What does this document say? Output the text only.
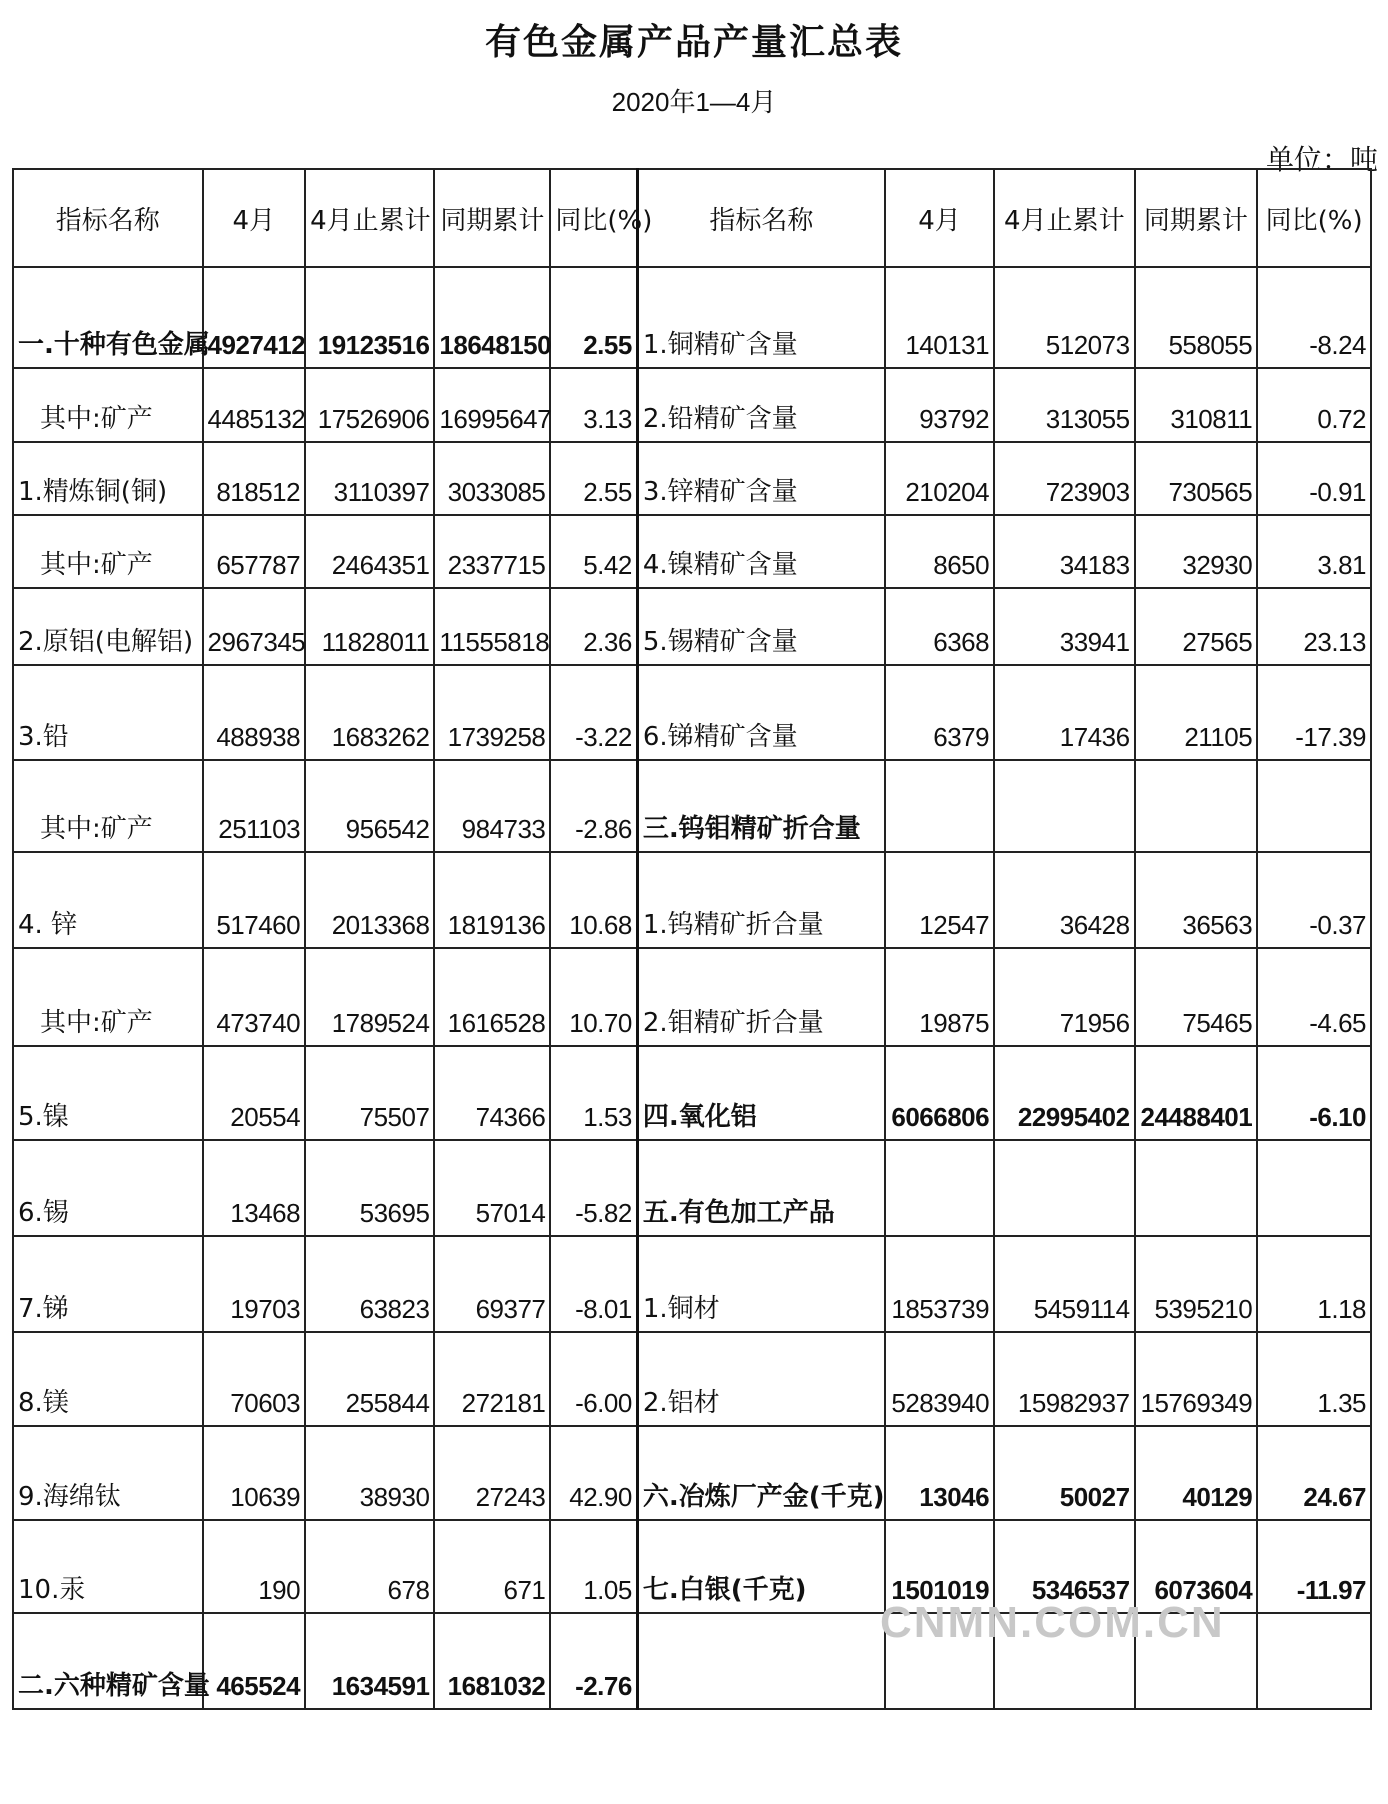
有色金属产品产量汇总表
2020年1—4月
单位：吨
指标名称	4月	4月止累计	同期累计	同比(%)	指标名称	4月	4月止累计	同期累计	同比(%)
一.十种有色金属	4927412	19123516	18648150	2.55	1.铜精矿含量	140131	512073	558055	-8.24
其中:矿产	4485132	17526906	16995647	3.13	2.铅精矿含量	93792	313055	310811	0.72
1.精炼铜(铜)	818512	3110397	3033085	2.55	3.锌精矿含量	210204	723903	730565	-0.91
其中:矿产	657787	2464351	2337715	5.42	4.镍精矿含量	8650	34183	32930	3.81
2.原铝(电解铝)	2967345	11828011	11555818	2.36	5.锡精矿含量	6368	33941	27565	23.13
3.铅	488938	1683262	1739258	-3.22	6.锑精矿含量	6379	17436	21105	-17.39
其中:矿产	251103	956542	984733	-2.86	三.钨钼精矿折合量				
4. 锌	517460	2013368	1819136	10.68	1.钨精矿折合量	12547	36428	36563	-0.37
其中:矿产	473740	1789524	1616528	10.70	2.钼精矿折合量	19875	71956	75465	-4.65
5.镍	20554	75507	74366	1.53	四.氧化铝	6066806	22995402	24488401	-6.10
6.锡	13468	53695	57014	-5.82	五.有色加工产品				
7.锑	19703	63823	69377	-8.01	1.铜材	1853739	5459114	5395210	1.18
8.镁	70603	255844	272181	-6.00	2.铝材	5283940	15982937	15769349	1.35
9.海绵钛	10639	38930	27243	42.90	六.冶炼厂产金(千克)	13046	50027	40129	24.67
10.汞	190	678	671	1.05	七.白银(千克)	1501019	5346537	6073604	-11.97
二.六种精矿含量	465524	1634591	1681032	-2.76					
CNMN.COM.CN
